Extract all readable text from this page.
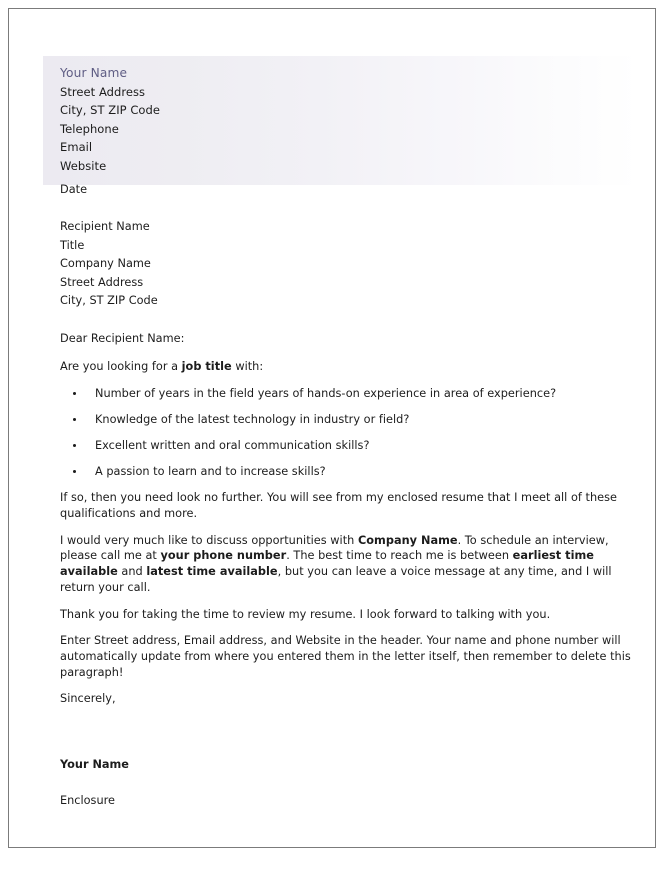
Your Name
Street Address
City, ST ZIP Code
Telephone
Email
Website
Date
Recipient Name
Title
Company Name
Street Address
City, ST ZIP Code
Dear Recipient Name:

Are you looking for a job title with:

Number of years in the field years of hands-on experience in area of experience?
Knowledge of the latest technology in industry or field?
Excellent written and oral communication skills?
A passion to learn and to increase skills?

If so, then you need look no further. You will see from my enclosed resume that I meet all of these qualifications and more.

I would very much like to discuss opportunities with Company Name. To schedule an interview, please call me at your phone number. The best time to reach me is between earliest time available and latest time available, but you can leave a voice message at any time, and I will return your call.

Thank you for taking the time to review my resume. I look forward to talking with you.

Enter Street address, Email address, and Website in the header. Your name and phone number will automatically update from where you entered them in the letter itself, then remember to delete this paragraph!

Sincerely,

Your Name

Enclosure
